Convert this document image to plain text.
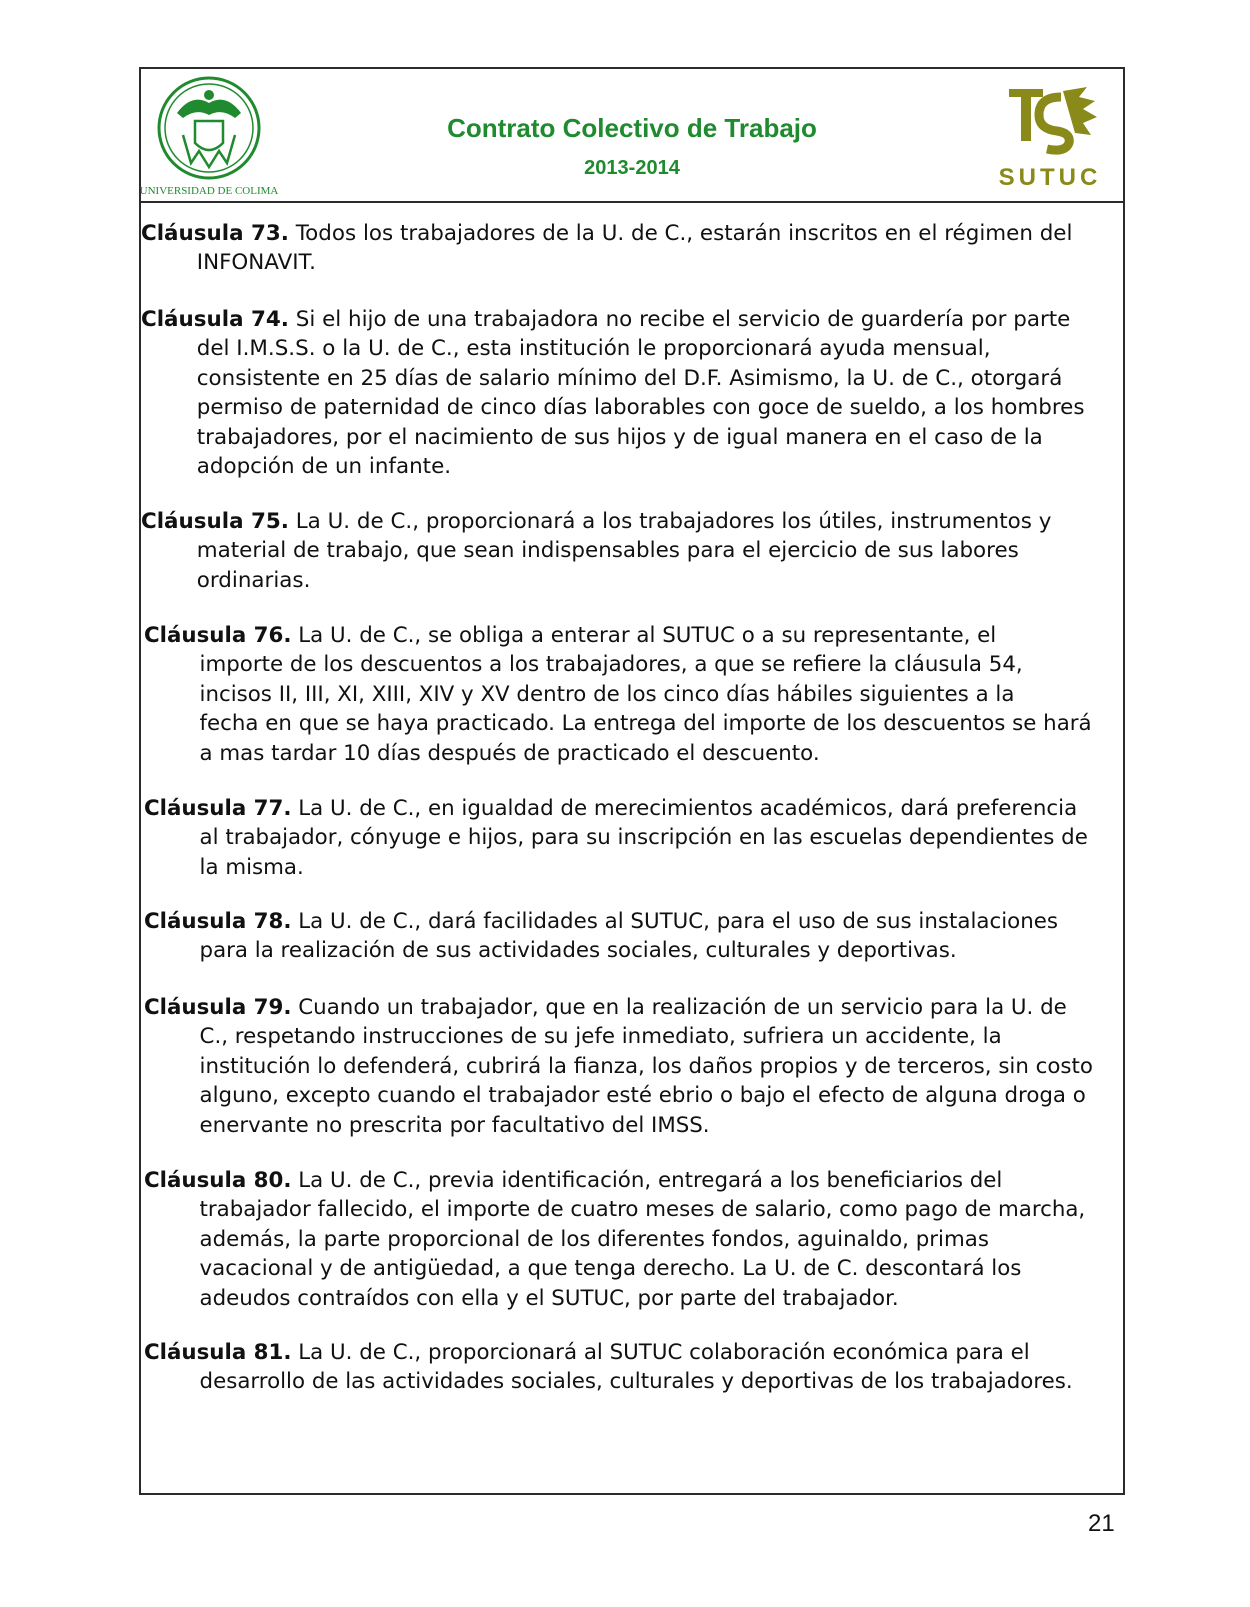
UNIVERSIDAD DE COLIMA
Contrato Colectivo de Trabajo
2013-2014	SUTUC
Cláusula 73. Todos los trabajadores de la U. de C., estarán inscritos en el régimen del
INFONAVIT.
Cláusula 74. Si el hijo de una trabajadora no recibe el servicio de guardería por parte
del I.M.S.S. o la U. de C., esta institución le proporcionará ayuda mensual,
consistente en 25 días de salario mínimo del D.F. Asimismo, la U. de C., otorgará
permiso de paternidad de cinco días laborables con goce de sueldo, a los hombres
trabajadores, por el nacimiento de sus hijos y de igual manera en el caso de la
adopción de un infante.
Cláusula 75. La U. de C., proporcionará a los trabajadores los útiles, instrumentos y
material de trabajo, que sean indispensables para el ejercicio de sus labores
ordinarias.
Cláusula 76. La U. de C., se obliga a enterar al SUTUC o a su representante, el
importe de los descuentos a los trabajadores, a que se refiere la cláusula 54,
incisos II, III, XI, XIII, XIV y XV dentro de los cinco días hábiles siguientes a la
fecha en que se haya practicado. La entrega del importe de los descuentos se hará
a mas tardar 10 días después de practicado el descuento.
Cláusula 77. La U. de C., en igualdad de merecimientos académicos, dará preferencia
al trabajador, cónyuge e hijos, para su inscripción en las escuelas dependientes de
la misma.
Cláusula 78. La U. de C., dará facilidades al SUTUC, para el uso de sus instalaciones
para la realización de sus actividades sociales, culturales y deportivas.
Cláusula 79. Cuando un trabajador, que en la realización de un servicio para la U. de
C., respetando instrucciones de su jefe inmediato, sufriera un accidente, la
institución lo defenderá, cubrirá la fianza, los daños propios y de terceros, sin costo
alguno, excepto cuando el trabajador esté ebrio o bajo el efecto de alguna droga o
enervante no prescrita por facultativo del IMSS.
Cláusula 80. La U. de C., previa identificación, entregará a los beneficiarios del
trabajador fallecido, el importe de cuatro meses de salario, como pago de marcha,
además, la parte proporcional de los diferentes fondos, aguinaldo, primas
vacacional y de antigüedad, a que tenga derecho. La U. de C. descontará los
adeudos contraídos con ella y el SUTUC, por parte del trabajador.
Cláusula 81. La U. de C., proporcionará al SUTUC colaboración económica para el
desarrollo de las actividades sociales, culturales y deportivas de los trabajadores.
21
